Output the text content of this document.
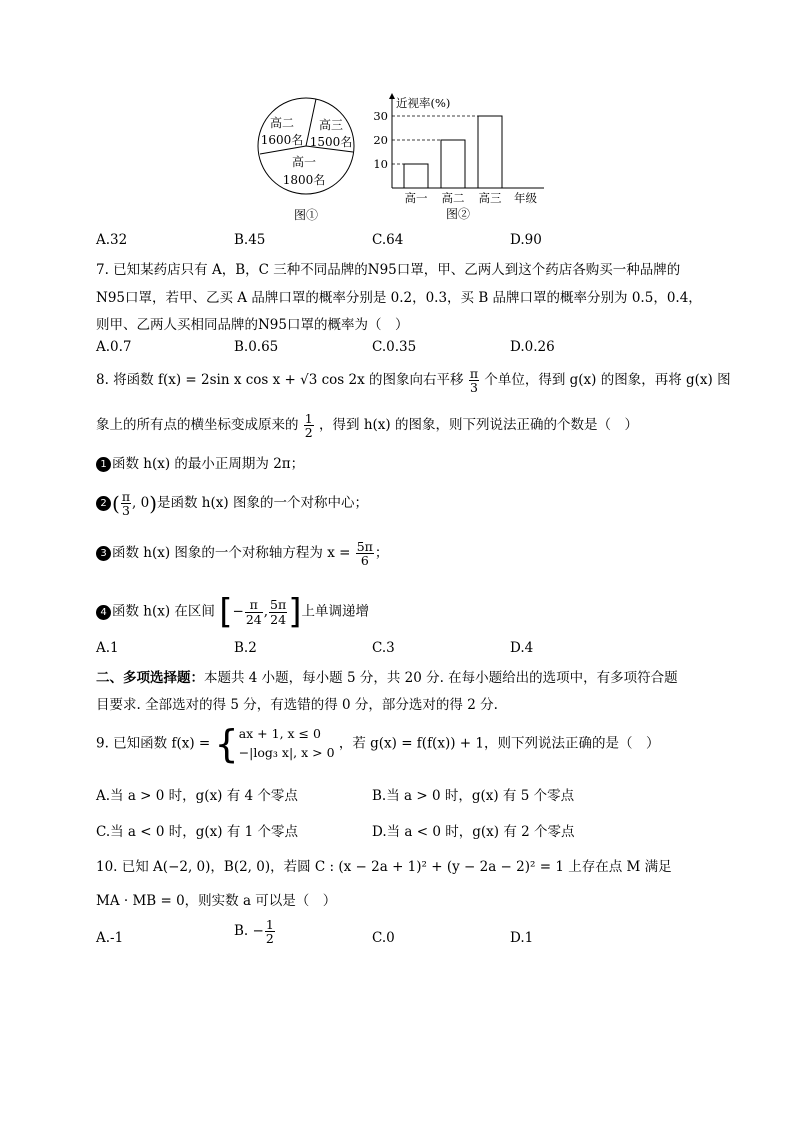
高二
1600名
高三
1500名
高一
1800名
图①
近视率(%)
年级
高一 高二 高三
10
20
30
图②
A.32	B.45	C.64	D.90
7. 已知某药店只有 A，B，C 三种不同品牌的N95口罩，甲、乙两人到这个药店各购买一种品牌的
N95口罩，若甲、乙买 A 品牌口罩的概率分别是 0.2，0.3，买 B 品牌口罩的概率分别为 0.5，0.4，
则甲、乙两人买相同品牌的N95口罩的概率为（　）
A.0.7	B.0.65	C.0.35	D.0.26
8. 将函数 f(x) = 2sin x cos x + √3 cos 2x 的图象向右平移 $\frac{\pi}{3}$ 个单位，得到 g(x) 的图象，再将 g(x) 图
象上的所有点的横坐标变成原来的 $\frac{1}{2}$ ，得到 h(x) 的图象，则下列说法正确的个数是（　）
1 函数 h(x) 的最小正周期为 2π；
2 ( $\frac{\pi}{3}$ , 0)是函数 h(x) 图象的一个对称中心；
3 函数 h(x) 图象的一个对称轴方程为 $x = \frac{5\pi}{6}$ ；
4 函数 h(x) 在区间 [− $\frac{\pi}{24}$ , $\frac{5\pi}{24}$ ]上单调递增
A.1	B.2	C.3	D.4
二、多项选择题：本题共 4 小题，每小题 5 分，共 20 分. 在每小题给出的选项中，有多项符合题
目要求. 全部选对的得 5 分，有选错的得 0 分，部分选对的得 2 分.
9. 已知函数 f(x) = { ax + 1, x ≤ 0
−|log₃ x|, x > 0
，若 g(x) = f(f(x)) + 1，则下列说法正确的是（　）
A.当 a > 0 时，g(x) 有 4 个零点	B.当 a > 0 时，g(x) 有 5 个零点
C.当 a < 0 时，g(x) 有 1 个零点	D.当 a < 0 时，g(x) 有 2 个零点
10. 已知 A(−2, 0)，B(2, 0)，若圆 C : (x − 2a + 1)² + (y − 2a − 2)² = 1 上存在点 M 满足
MA · MB = 0，则实数 a 可以是（　）
A.-1	B. − $\frac{1}{2}$	C.0	D.1
